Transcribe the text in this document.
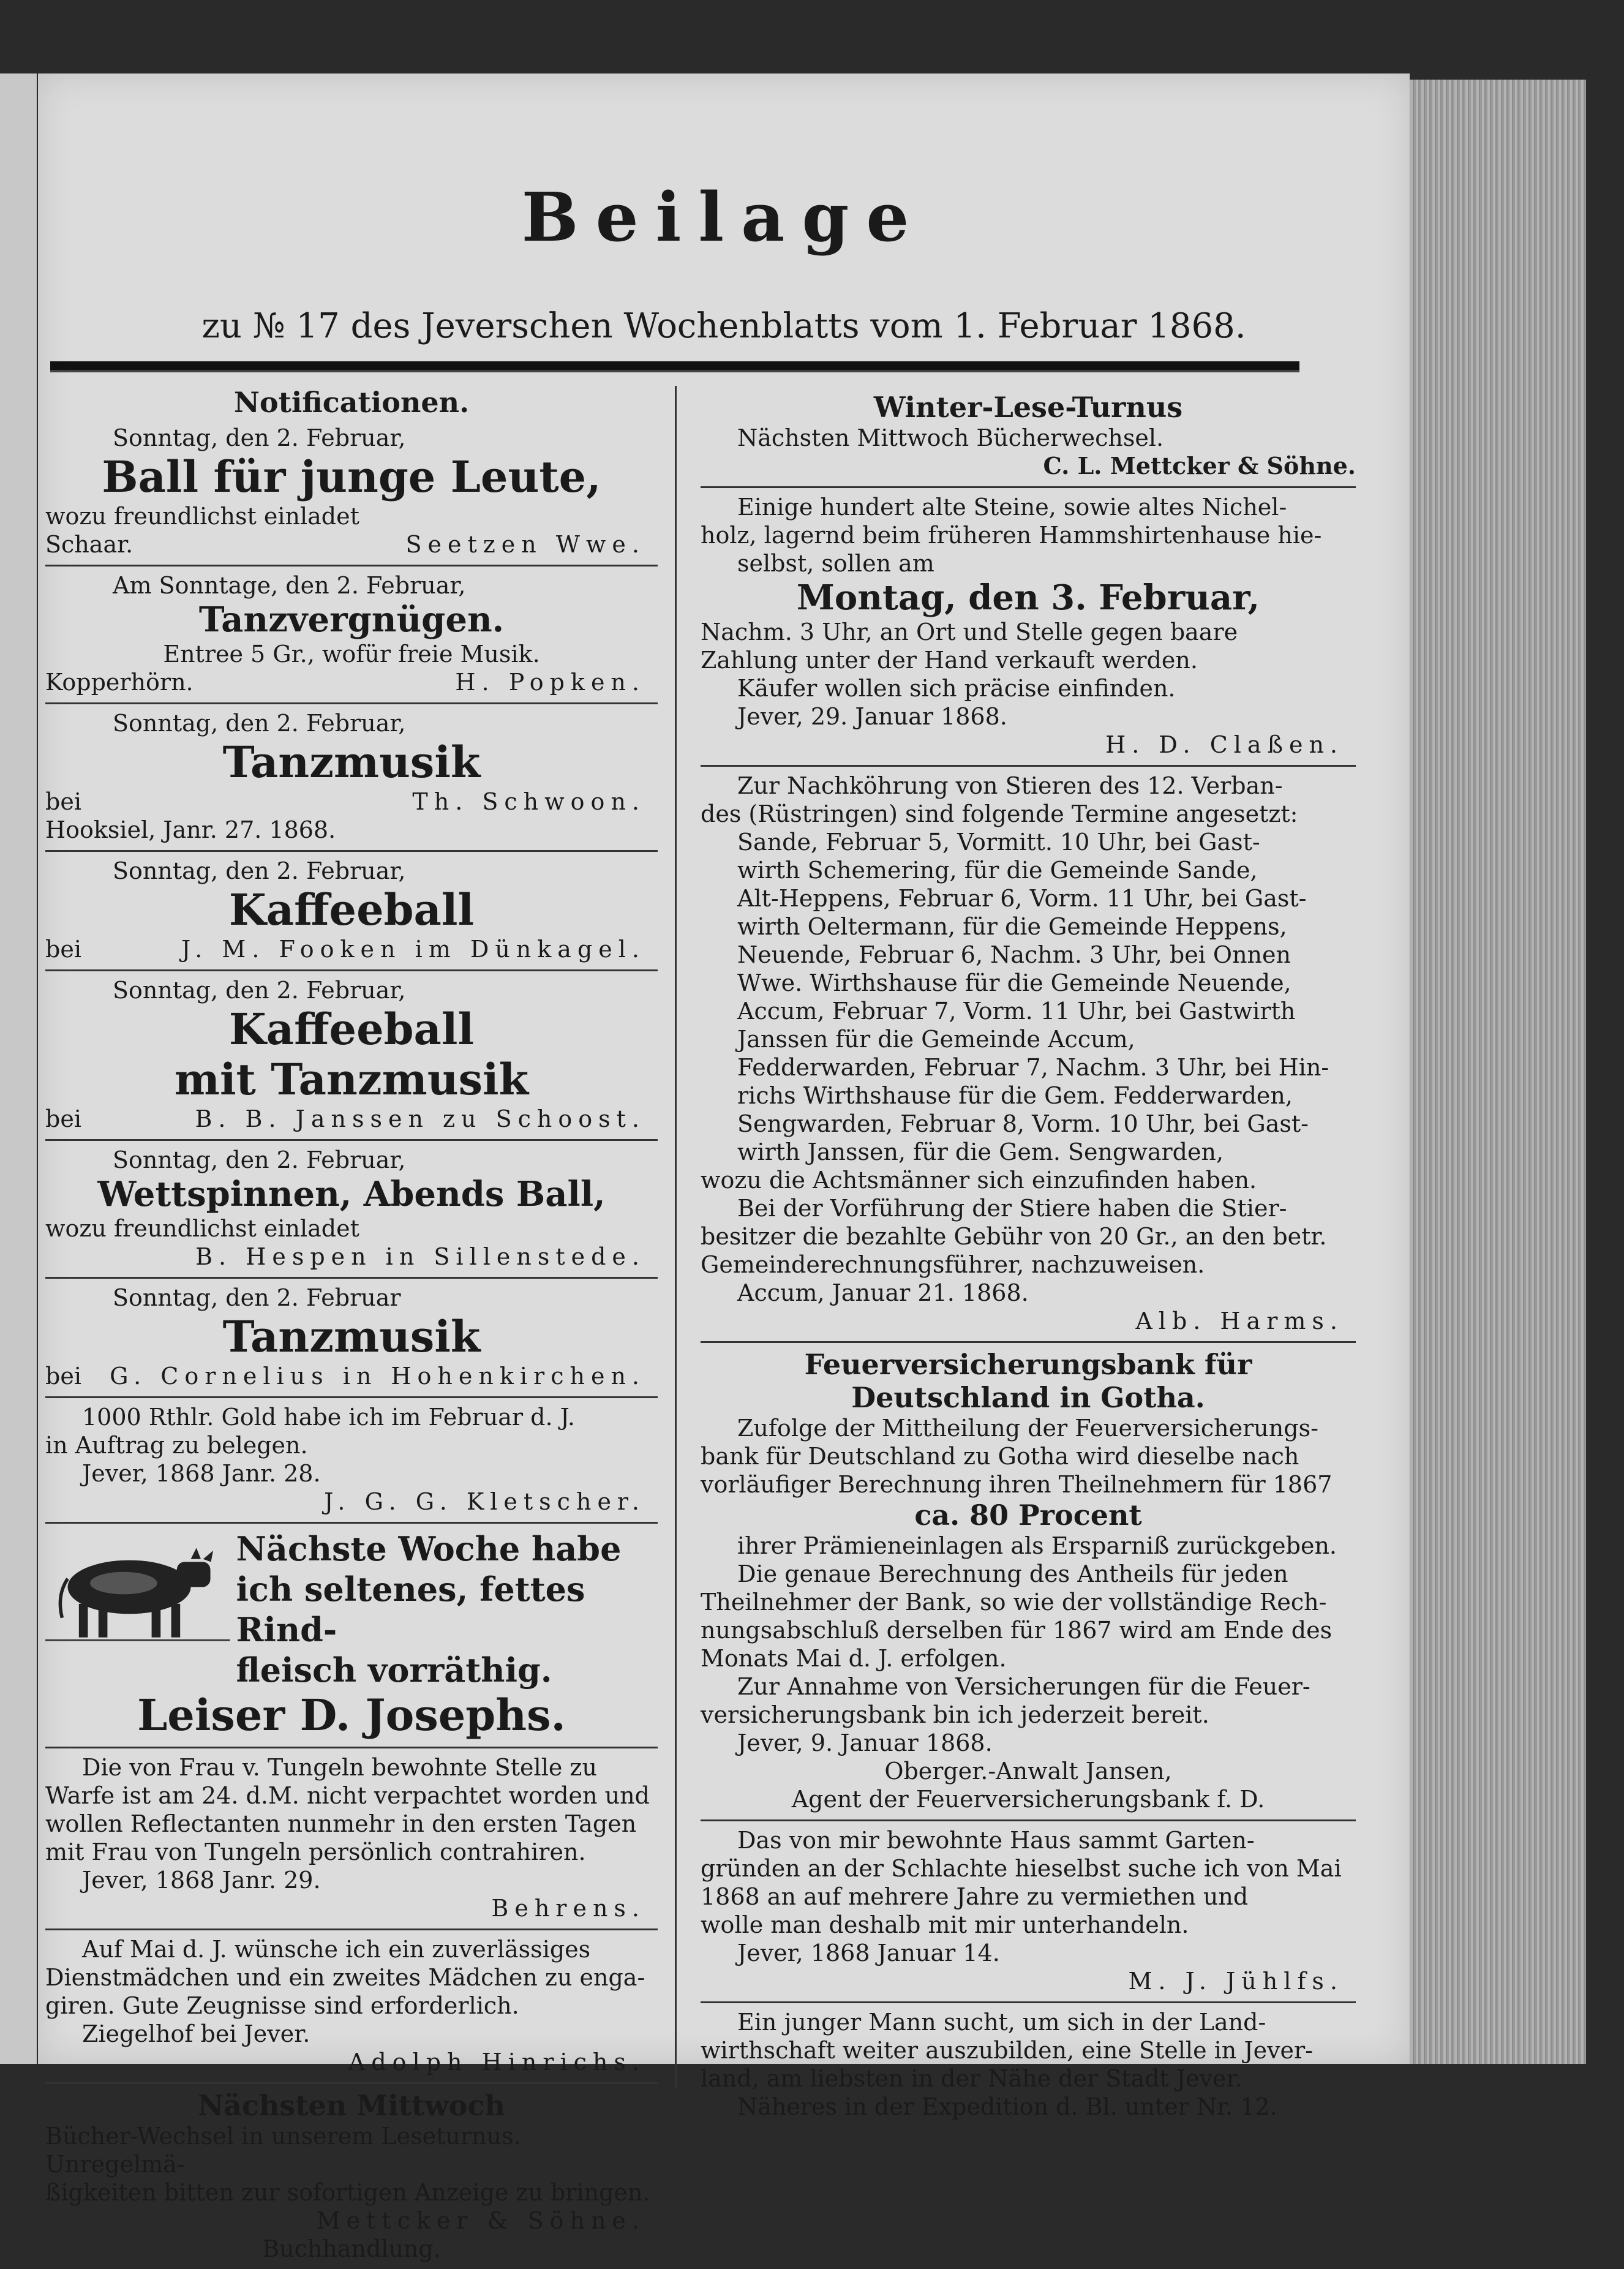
Beilage
zu № 17 des Jeverschen Wochenblatts vom 1. Februar 1868.
Notificationen.
Sonntag, den 2. Februar,
Ball für junge Leute,
wozu freundlichst einladet
Schaar.	Seetzen Wwe.
Am Sonntage, den 2. Februar,
Tanzvergnügen.
Entree 5 Gr., wofür freie Musik.
Kopperhörn.	H. Popken.
Sonntag, den 2. Februar,
Tanzmusik
bei	Th. Schwoon.
Hooksiel, Janr. 27. 1868.
Sonntag, den 2. Februar,
Kaffeeball
bei	J. M. Fooken im Dünkagel.
Sonntag, den 2. Februar,
Kaffeeball
mit Tanzmusik
bei	B. B. Janssen zu Schoost.
Sonntag, den 2. Februar,
Wettspinnen, Abends Ball,
wozu freundlichst einladet
B. Hespen in Sillenstede.
Sonntag, den 2. Februar
Tanzmusik
bei G. Cornelius in Hohenkirchen.
1000 Rthlr. Gold habe ich im Februar d. J.
in Auftrag zu belegen.
Jever, 1868 Janr. 28.
J. G. G. Kletscher.
Nächste Woche habe
ich seltenes, fettes Rind-
fleisch vorräthig.
Leiser D. Josephs.
Die von Frau v. Tungeln bewohnte Stelle zu
Warfe ist am 24. d.M. nicht verpachtet worden und
wollen Reflectanten nunmehr in den ersten Tagen
mit Frau von Tungeln persönlich contrahiren.
Jever, 1868 Janr. 29.
Behrens.
Auf Mai d. J. wünsche ich ein zuverlässiges
Dienstmädchen und ein zweites Mädchen zu enga-
giren. Gute Zeugnisse sind erforderlich.
Ziegelhof bei Jever.
Adolph Hinrichs.
Nächsten Mittwoch
Bücher-Wechsel in unserem Leseturnus. Unregelmä-
ßigkeiten bitten zur sofortigen Anzeige zu bringen.
Mettcker & Söhne.
Buchhandlung.
Winter-Lese-Turnus
Nächsten Mittwoch Bücherwechsel.
C. L. Mettcker & Söhne.
Einige hundert alte Steine, sowie altes Nichel-
holz, lagernd beim früheren Hammshirtenhause hie-
selbst, sollen am
Montag, den 3. Februar,
Nachm. 3 Uhr, an Ort und Stelle gegen baare
Zahlung unter der Hand verkauft werden.
Käufer wollen sich präcise einfinden.
Jever, 29. Januar 1868.
H. D. Claßen.
Zur Nachköhrung von Stieren des 12. Verban-
des (Rüstringen) sind folgende Termine angesetzt:
Sande, Februar 5, Vormitt. 10 Uhr, bei Gast-
wirth Schemering, für die Gemeinde Sande,
Alt-Heppens, Februar 6, Vorm. 11 Uhr, bei Gast-
wirth Oeltermann, für die Gemeinde Heppens,
Neuende, Februar 6, Nachm. 3 Uhr, bei Onnen
Wwe. Wirthshause für die Gemeinde Neuende,
Accum, Februar 7, Vorm. 11 Uhr, bei Gastwirth
Janssen für die Gemeinde Accum,
Fedderwarden, Februar 7, Nachm. 3 Uhr, bei Hin-
richs Wirthshause für die Gem. Fedderwarden,
Sengwarden, Februar 8, Vorm. 10 Uhr, bei Gast-
wirth Janssen, für die Gem. Sengwarden,
wozu die Achtsmänner sich einzufinden haben.
Bei der Vorführung der Stiere haben die Stier-
besitzer die bezahlte Gebühr von 20 Gr., an den betr.
Gemeinderechnungsführer, nachzuweisen.
Accum, Januar 21. 1868.
Alb. Harms.
Feuerversicherungsbank für
Deutschland in Gotha.
Zufolge der Mittheilung der Feuerversicherungs-
bank für Deutschland zu Gotha wird dieselbe nach
vorläufiger Berechnung ihren Theilnehmern für 1867
ca. 80 Procent
ihrer Prämieneinlagen als Ersparniß zurückgeben.
Die genaue Berechnung des Antheils für jeden
Theilnehmer der Bank, so wie der vollständige Rech-
nungsabschluß derselben für 1867 wird am Ende des
Monats Mai d. J. erfolgen.
Zur Annahme von Versicherungen für die Feuer-
versicherungsbank bin ich jederzeit bereit.
Jever, 9. Januar 1868.
Oberger.-Anwalt Jansen,
Agent der Feuerversicherungsbank f. D.
Das von mir bewohnte Haus sammt Garten-
gründen an der Schlachte hieselbst suche ich von Mai
1868 an auf mehrere Jahre zu vermiethen und
wolle man deshalb mit mir unterhandeln.
Jever, 1868 Januar 14.
M. J. Jühlfs.
Ein junger Mann sucht, um sich in der Land-
wirthschaft weiter auszubilden, eine Stelle in Jever-
land, am liebsten in der Nähe der Stadt Jever.
Näheres in der Expedition d. Bl. unter Nr. 12.
